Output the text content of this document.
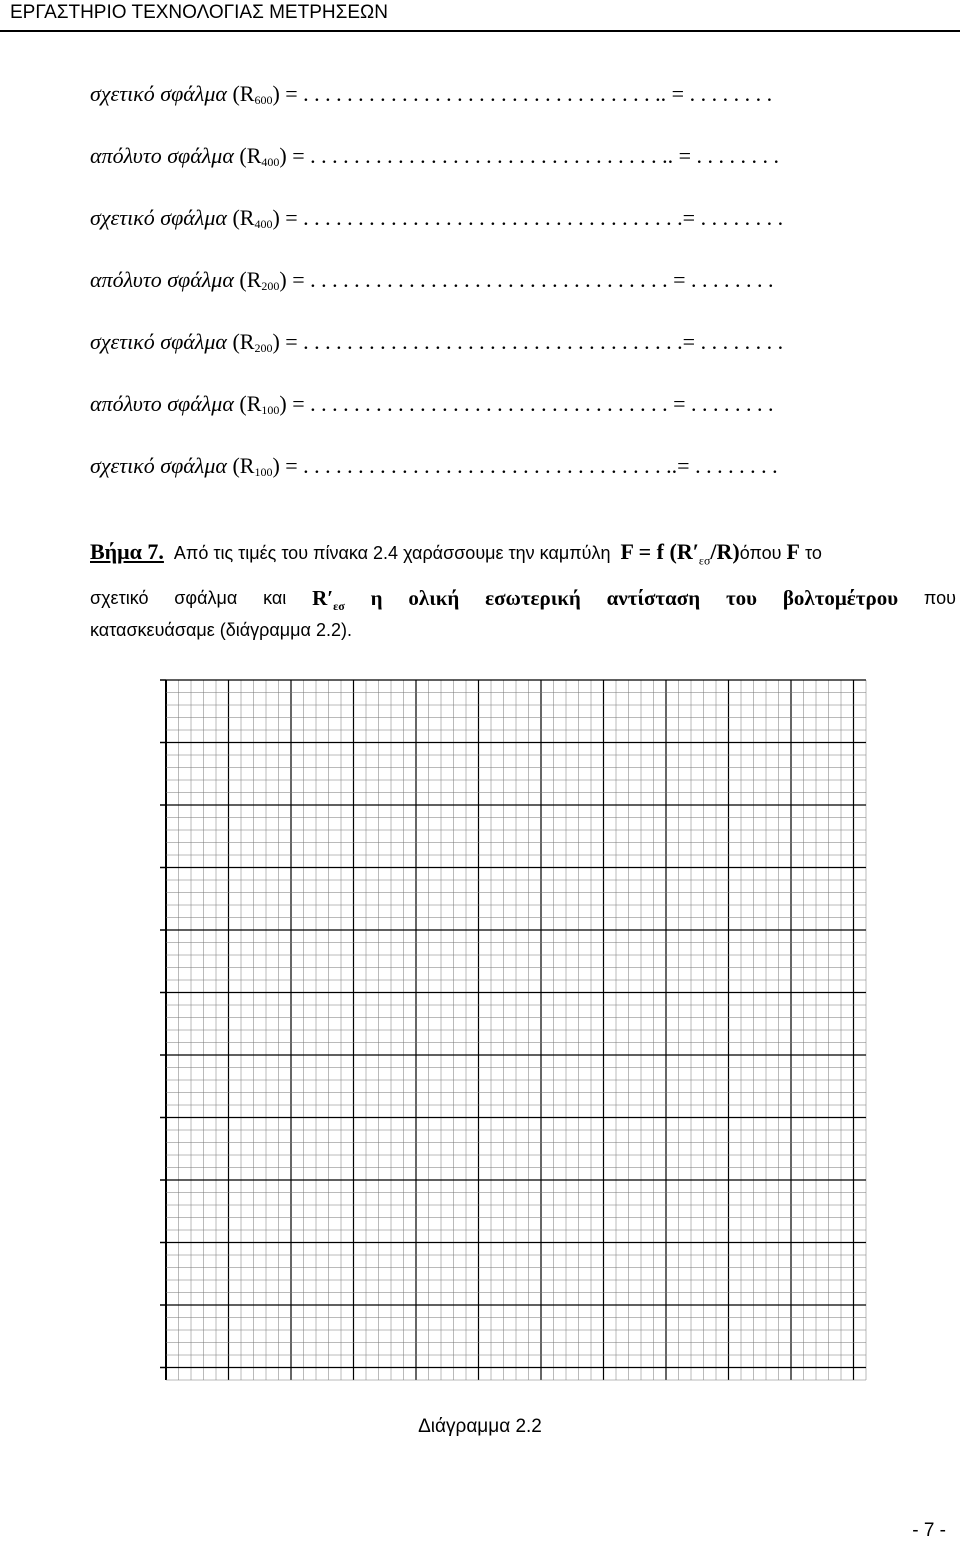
ΕΡΓΑΣΤΗΡΙΟ ΤΕΧΝΟΛΟΓΙΑΣ ΜΕΤΡΗΣΕΩΝ
σχετικό σφάλμα $(R_{600})$ = . . . . . . . . . . . . . . . . . . . . . . . . . . . . . . . . .. = . . . . . . . .
απόλυτο σφάλμα $(R_{400})$ = . . . . . . . . . . . . . . . . . . . . . . . . . . . . . . . . .. = . . . . . . . .
σχετικό σφάλμα $(R_{400})$ = . . . . . . . . . . . . . . . . . . . . . . . . . . . . . . . . . . .= . . . . . . . .
απόλυτο σφάλμα $(R_{200})$ = . . . . . . . . . . . . . . . . . . . . . . . . . . . . . . . . . = . . . . . . . .
σχετικό σφάλμα $(R_{200})$ = . . . . . . . . . . . . . . . . . . . . . . . . . . . . . . . . . . .= . . . . . . . .
απόλυτο σφάλμα $(R_{100})$ = . . . . . . . . . . . . . . . . . . . . . . . . . . . . . . . . . = . . . . . . . .
σχετικό σφάλμα $(R_{100})$ = . . . . . . . . . . . . . . . . . . . . . . . . . . . . . . . . . ..= . . . . . . . .
Βήμα 7. Από τις τιμές του πίνακα 2.4 χαράσσουμε την καμπύλη F = f $(R'_{\varepsilon\sigma}/R)ό\pi o\upsilon$ F το
σχετικό σφάλμα και $R'_{\varepsilon\sigma}$ η ολική εσωτερική αντίσταση του βολτομέτρου που
κατασκευάσαμε (διάγραμμα 2.2).
Διάγραμμα 2.2
- 7 -
